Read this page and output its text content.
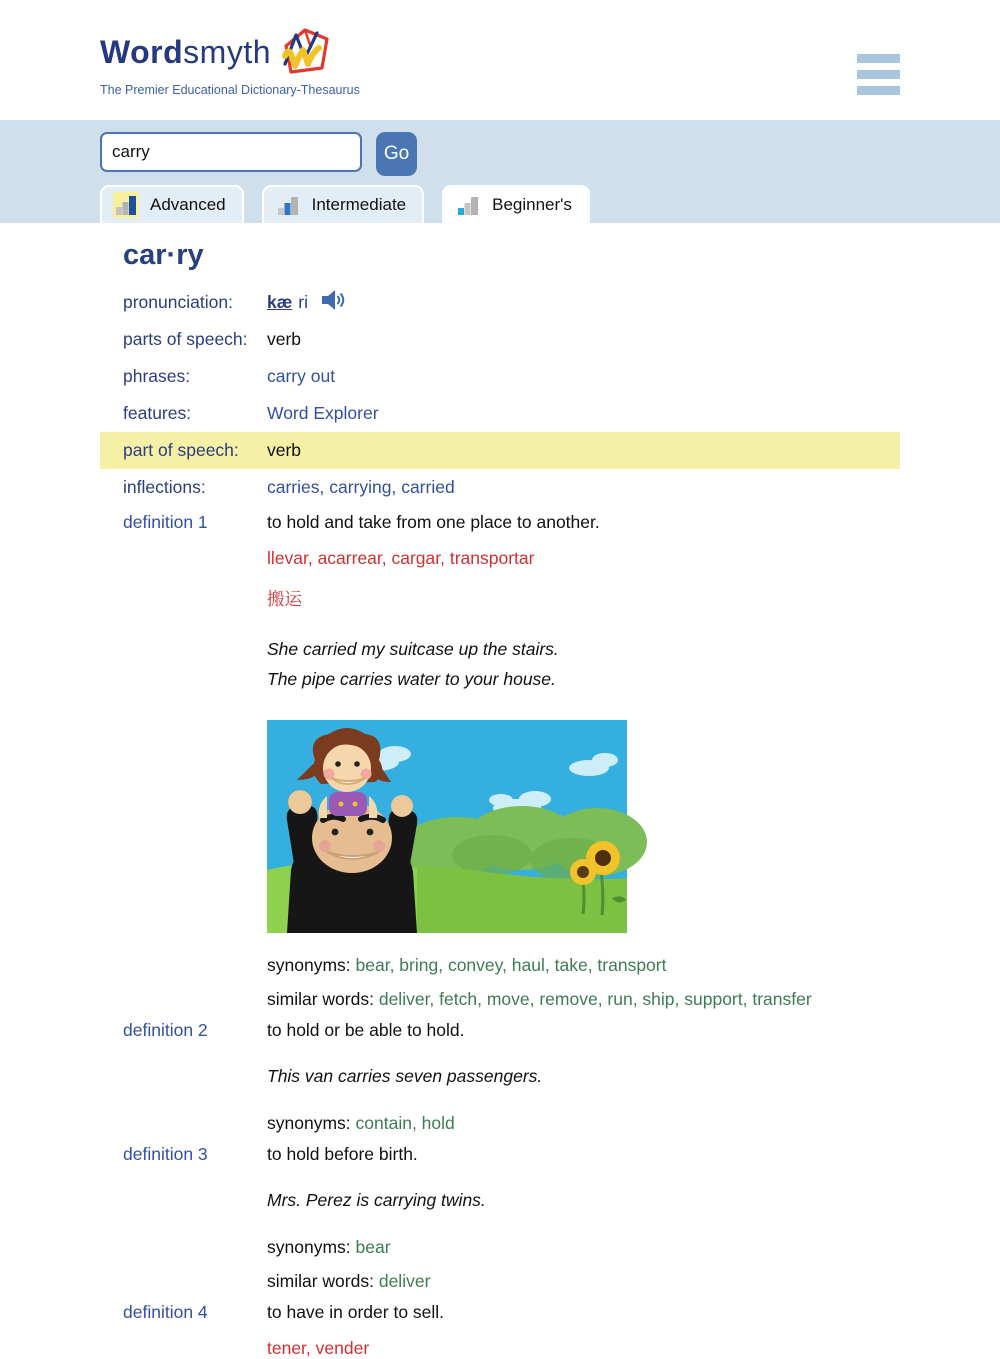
Word smyth
The Premier Educational Dictionary-Thesaurus
carry
Go
Advanced	Intermediate	Beginner's
car·ry
pronunciation:	kæ ri
parts of speech:	verb
phrases:	carry out
features:	Word Explorer
part of speech:	verb
inflections:	carries, carrying, carried
definition 1	to hold and take from one place to another.
llevar, acarrear, cargar, transportar
搬运
She carried my suitcase up the stairs.
The pipe carries water to your house.
synonyms: bear, bring, convey, haul, take, transport
similar words: deliver, fetch, move, remove, run, ship, support, transfer
definition 2	to hold or be able to hold.
This van carries seven passengers.
synonyms: contain, hold
definition 3	to hold before birth.
Mrs. Perez is carrying twins.
synonyms: bear
similar words: deliver
definition 4	to have in order to sell.
tener, vender
